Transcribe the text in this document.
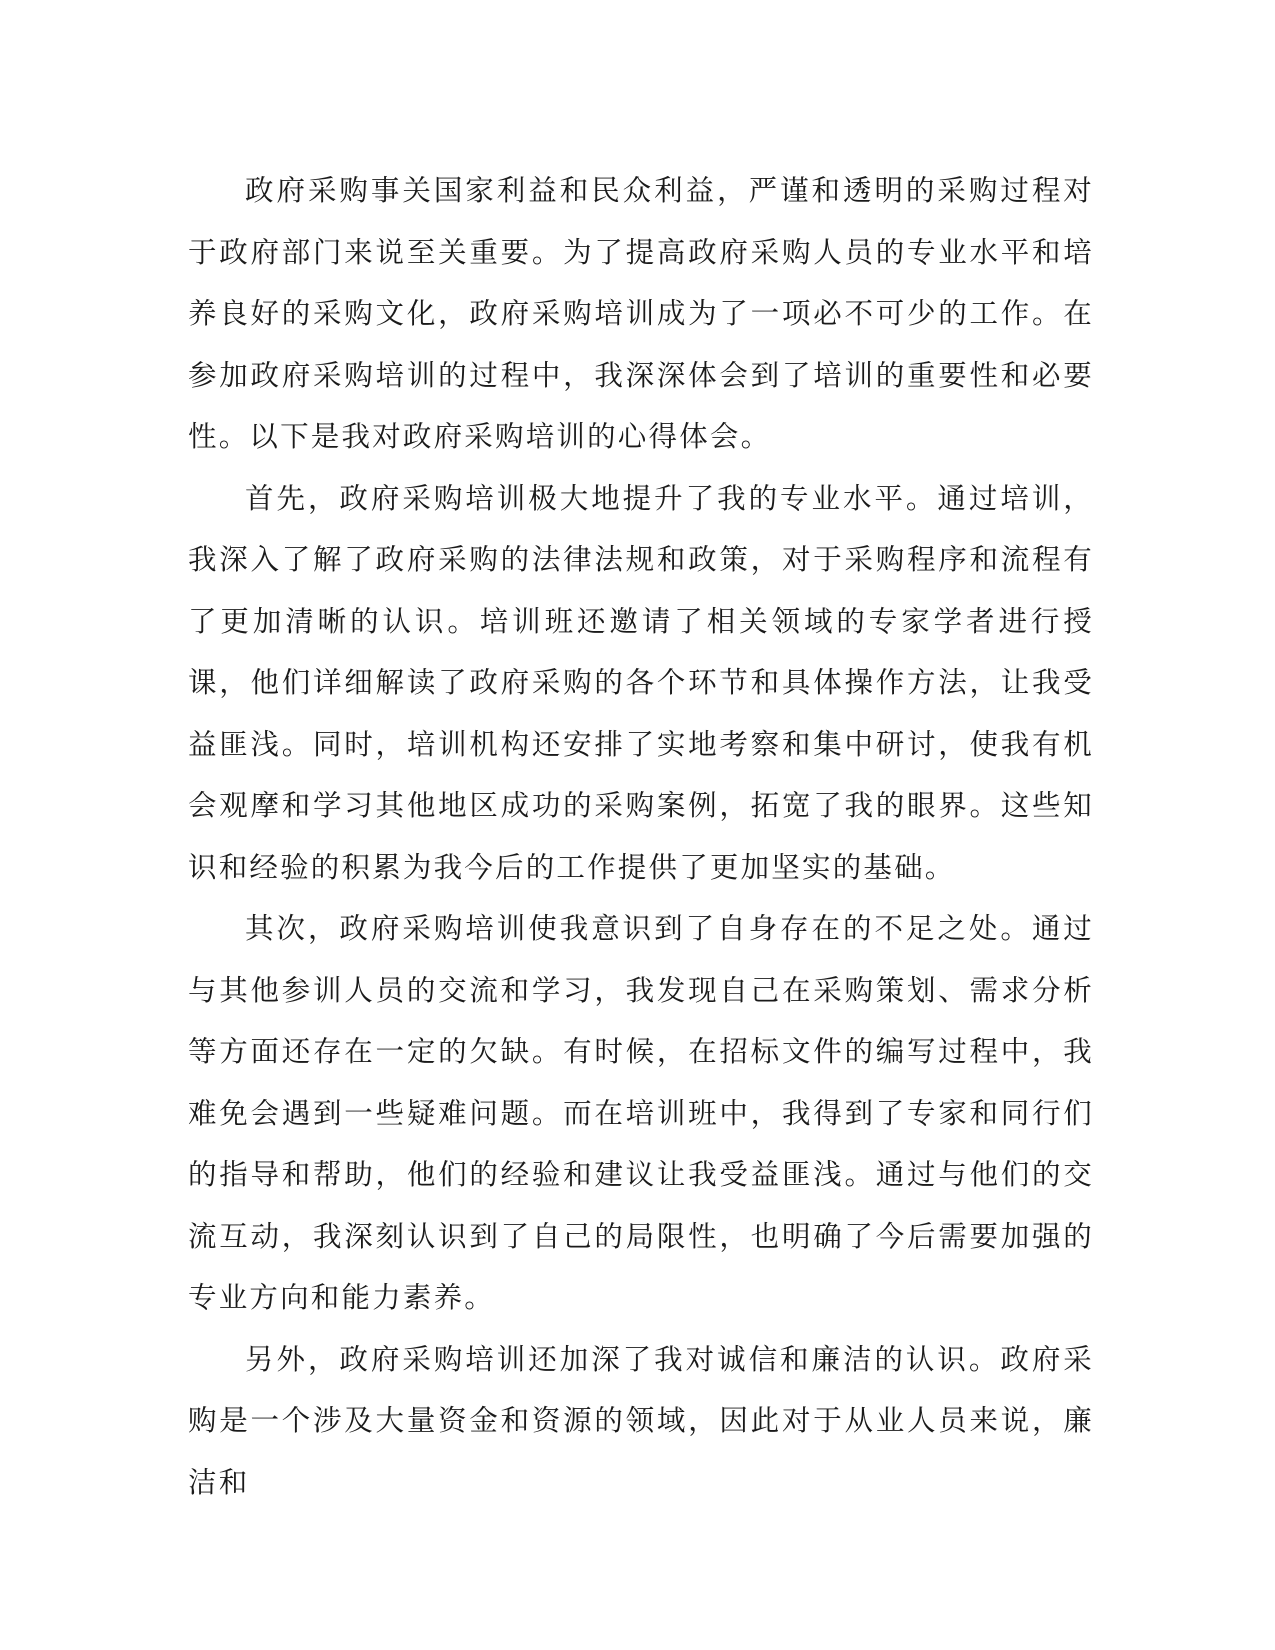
政府采购事关国家利益和民众利益，严谨和透明的采购过程对于政府部门来说至关重要。为了提高政府采购人员的专业水平和培养良好的采购文化，政府采购培训成为了一项必不可少的工作。在参加政府采购培训的过程中，我深深体会到了培训的重要性和必要性。以下是我对政府采购培训的心得体会。

首先，政府采购培训极大地提升了我的专业水平。通过培训，我深入了解了政府采购的法律法规和政策，对于采购程序和流程有了更加清晰的认识。培训班还邀请了相关领域的专家学者进行授课，他们详细解读了政府采购的各个环节和具体操作方法，让我受益匪浅。同时，培训机构还安排了实地考察和集中研讨，使我有机会观摩和学习其他地区成功的采购案例，拓宽了我的眼界。这些知识和经验的积累为我今后的工作提供了更加坚实的基础。

其次，政府采购培训使我意识到了自身存在的不足之处。通过与其他参训人员的交流和学习，我发现自己在采购策划、需求分析等方面还存在一定的欠缺。有时候，在招标文件的编写过程中，我难免会遇到一些疑难问题。而在培训班中，我得到了专家和同行们的指导和帮助，他们的经验和建议让我受益匪浅。通过与他们的交流互动，我深刻认识到了自己的局限性，也明确了今后需要加强的专业方向和能力素养。

另外，政府采购培训还加深了我对诚信和廉洁的认识。政府采购是一个涉及大量资金和资源的领域，因此对于从业人员来说，廉洁和
